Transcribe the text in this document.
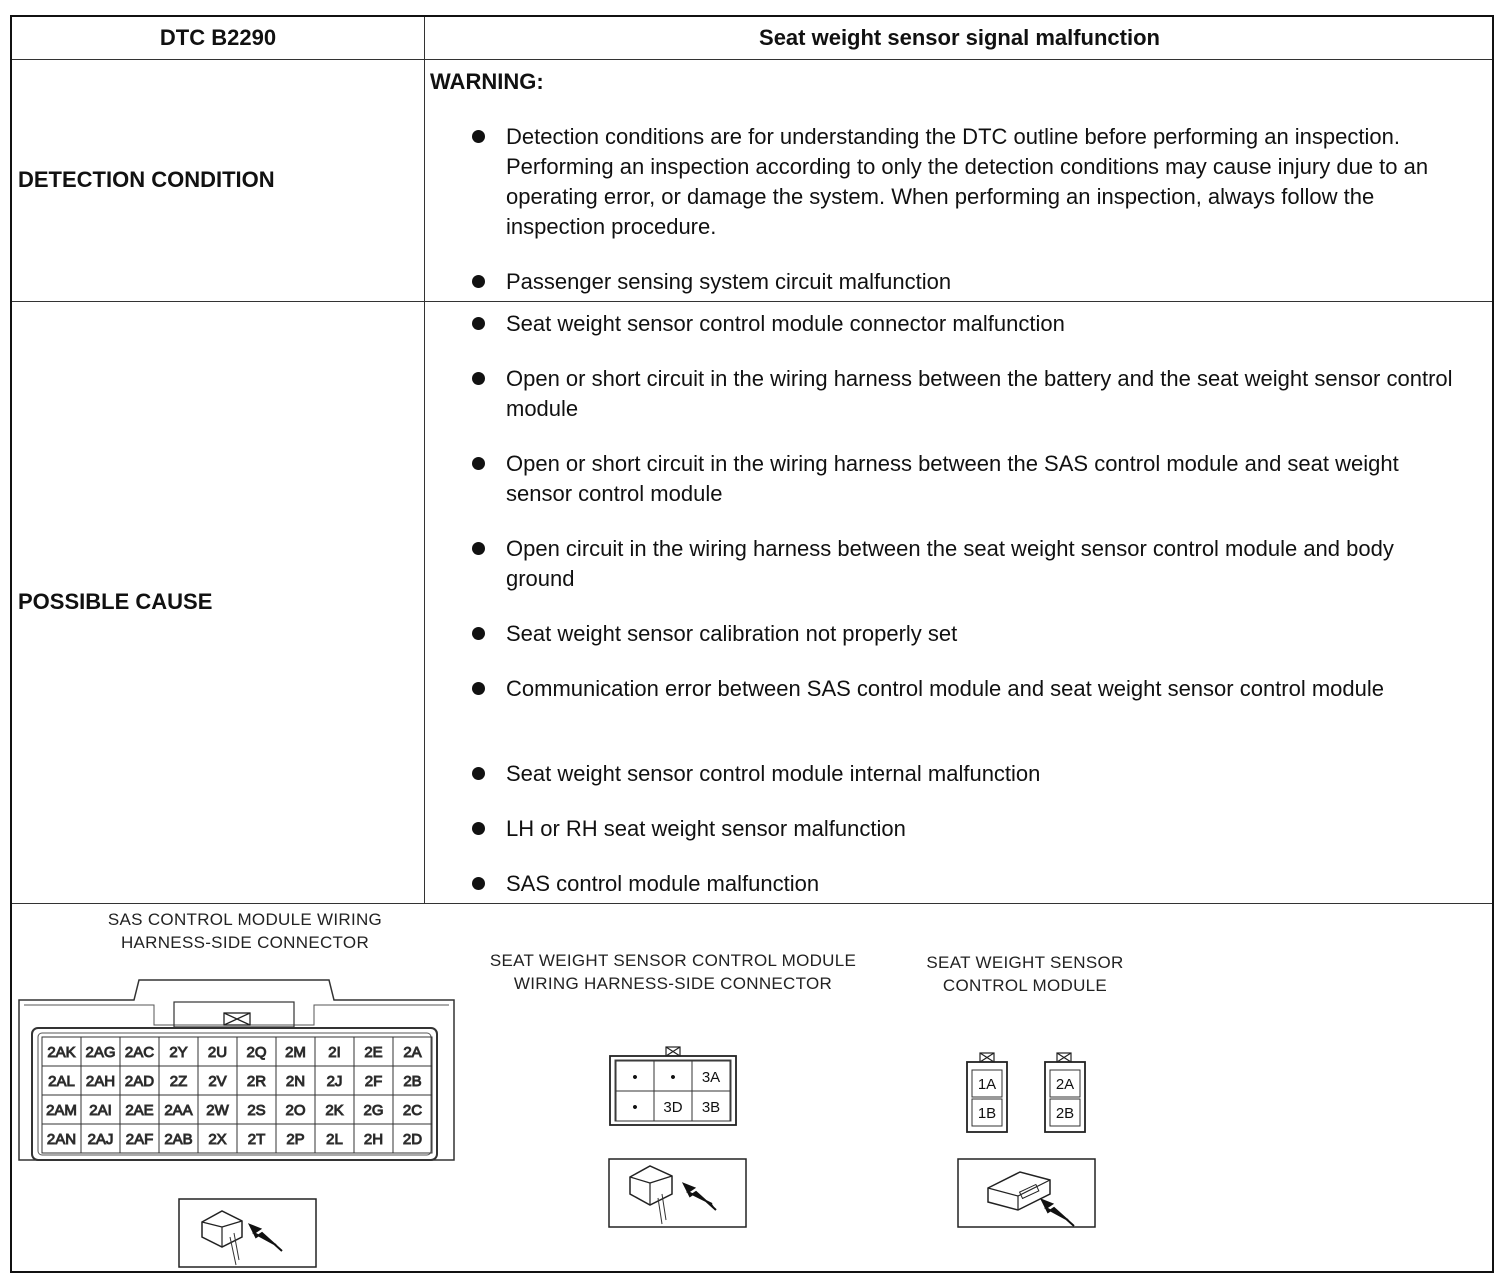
DTC B2290	Seat weight sensor signal malfunction
DETECTION CONDITION
WARNING:
Detection conditions are for understanding the DTC outline before performing an inspection. Performing an inspection according to only the detection conditions may cause injury due to an operating error, or damage the system. When performing an inspection, always follow the inspection procedure.
Passenger sensing system circuit malfunction
POSSIBLE CAUSE
Seat weight sensor control module connector malfunction
Open or short circuit in the wiring harness between the battery and the seat weight sensor control module
Open or short circuit in the wiring harness between the SAS control module and seat weight sensor control module
Open circuit in the wiring harness between the seat weight sensor control module and body ground
Seat weight sensor calibration not properly set
Communication error between SAS control module and seat weight sensor control module
Seat weight sensor control module internal malfunction
LH or RH seat weight sensor malfunction
SAS control module malfunction
SAS CONTROL MODULE WIRING
HARNESS-SIDE CONNECTOR
2AK 2AG 2AC 2Y 2U 2Q 2M 2I 2E 2A
2AL 2AH 2AD 2Z 2V 2R 2N 2J 2F 2B
2AM 2AI 2AE 2AA 2W 2S 2O 2K 2G 2C
2AN 2AJ 2AF 2AB 2X 2T 2P 2L 2H 2D
SEAT WEIGHT SENSOR CONTROL MODULE
WIRING HARNESS-SIDE CONNECTOR
• • 3A
• 3D 3B
SEAT WEIGHT SENSOR
CONTROL MODULE
1A
1B
2A
2B
